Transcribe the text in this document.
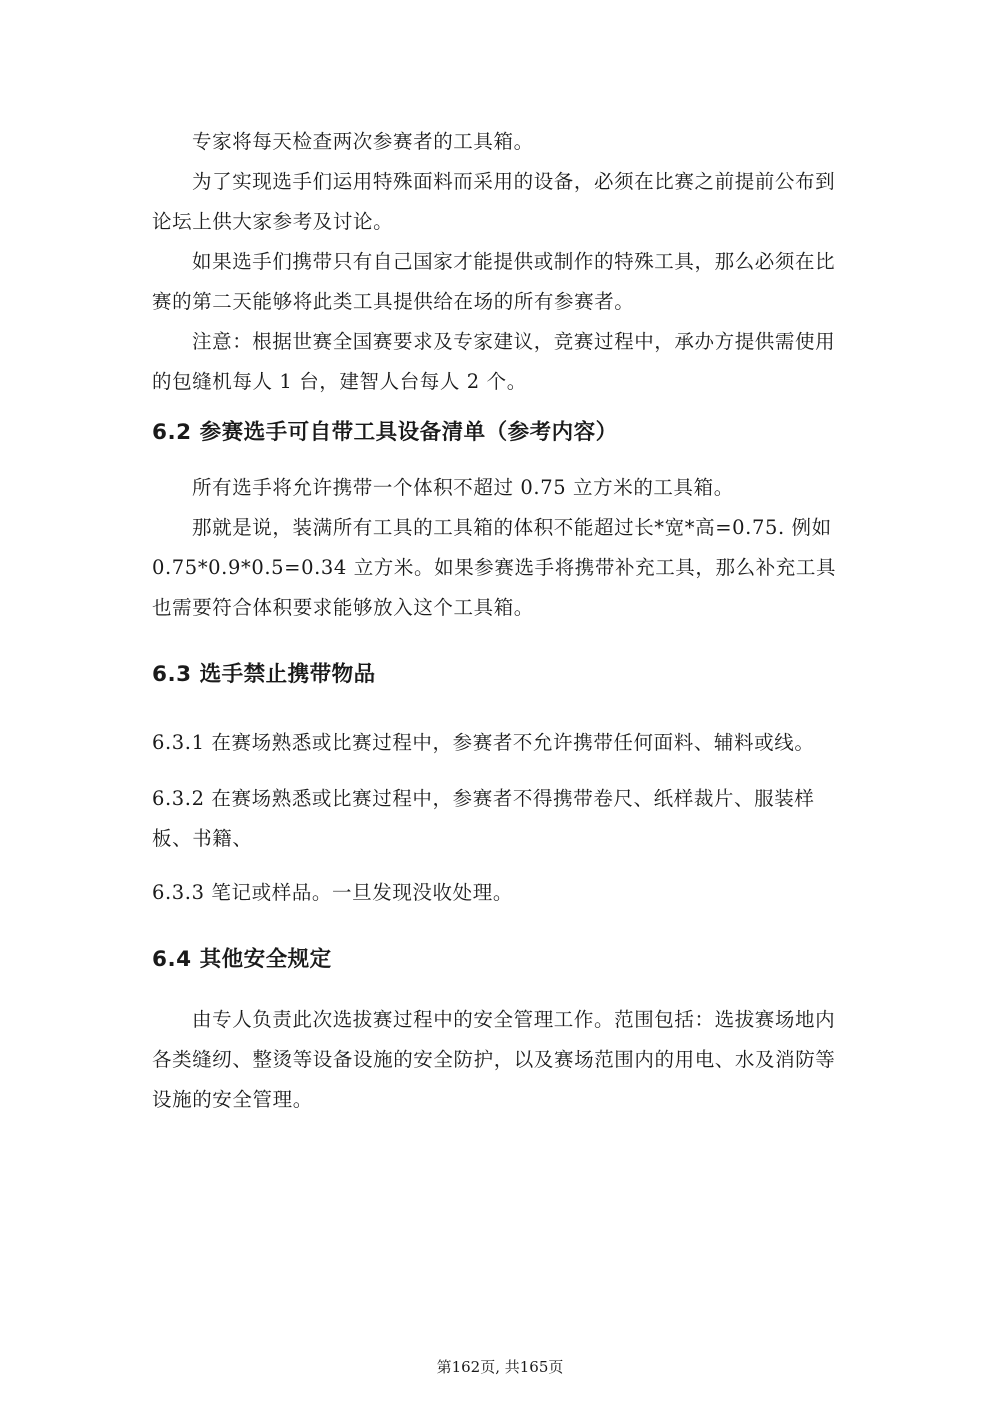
专家将每天检查两次参赛者的工具箱。

为了实现选手们运用特殊面料而采用的设备，必须在比赛之前提前公布到论坛上供大家参考及讨论。

如果选手们携带只有自己国家才能提供或制作的特殊工具，那么必须在比赛的第二天能够将此类工具提供给在场的所有参赛者。

注意：根据世赛全国赛要求及专家建议，竞赛过程中，承办方提供需使用的包缝机每人 1 台，建智人台每人 2 个。

6.2 参赛选手可自带工具设备清单（参考内容）

所有选手将允许携带一个体积不超过 0.75 立方米的工具箱。

那就是说，装满所有工具的工具箱的体积不能超过长*宽*高=0.75. 例如 0.75*0.9*0.5=0.34 立方米。如果参赛选手将携带补充工具，那么补充工具也需要符合体积要求能够放入这个工具箱。

6.3 选手禁止携带物品

6.3.1 在赛场熟悉或比赛过程中，参赛者不允许携带任何面料、辅料或线。

6.3.2 在赛场熟悉或比赛过程中，参赛者不得携带卷尺、纸样裁片、服装样板、书籍、

6.3.3 笔记或样品。一旦发现没收处理。

6.4 其他安全规定

由专人负责此次选拔赛过程中的安全管理工作。范围包括：选拔赛场地内各类缝纫、整烫等设备设施的安全防护，以及赛场范围内的用电、水及消防等设施的安全管理。

第162页, 共165页
